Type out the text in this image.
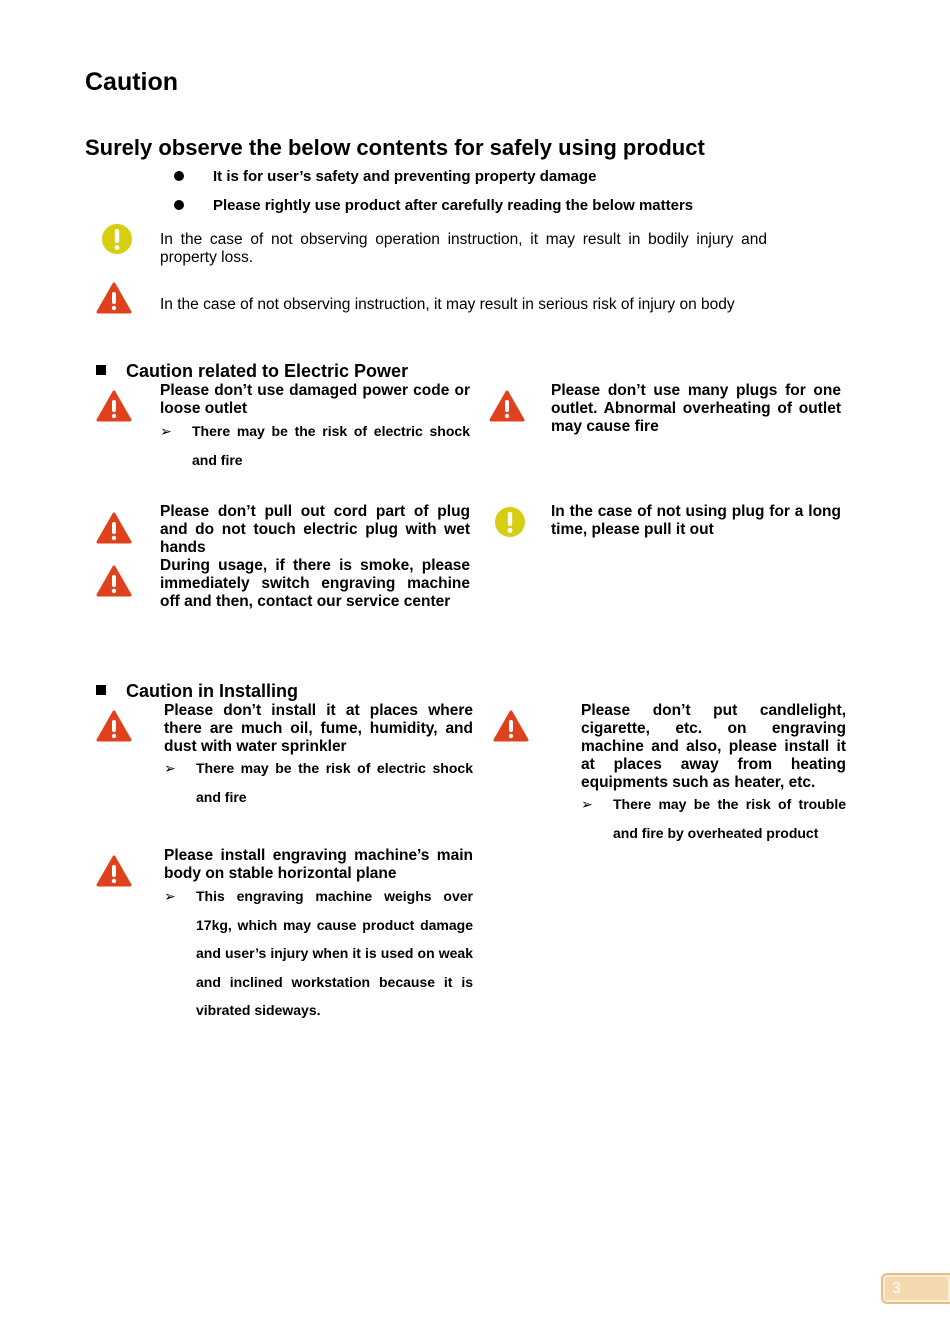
Caution
Surely observe the below contents for safely using product
It is for user’s safety and preventing property damage
Please rightly use product after carefully reading the below matters
In the case of not observing operation instruction, it may result in bodily injury and property loss.
In the case of not observing instruction, it may result in serious risk of injury on body
Caution related to Electric Power
Please don’t use damaged power code or loose outlet
➢ There may be the risk of electric shock and fire
Please don’t use many plugs for one outlet. Abnormal overheating of outlet may cause fire
Please don’t pull out cord part of plug and do not touch electric plug with wet hands
In the case of not using plug for a long time, please pull it out
During usage, if there is smoke, please immediately switch engraving machine off and then, contact our service center
Caution in Installing
Please don’t install it at places where there are much oil, fume, humidity, and dust with water sprinkler
➢ There may be the risk of electric shock and fire
Please don’t put candlelight, cigarette, etc. on engraving machine and also, please install it at places away from heating equipments such as heater, etc.
➢ There may be the risk of trouble and fire by overheated product
Please install engraving machine’s main body on stable horizontal plane
➢ This engraving machine weighs over 17kg, which may cause product damage and user’s injury when it is used on weak and inclined workstation because it is vibrated sideways.
3
